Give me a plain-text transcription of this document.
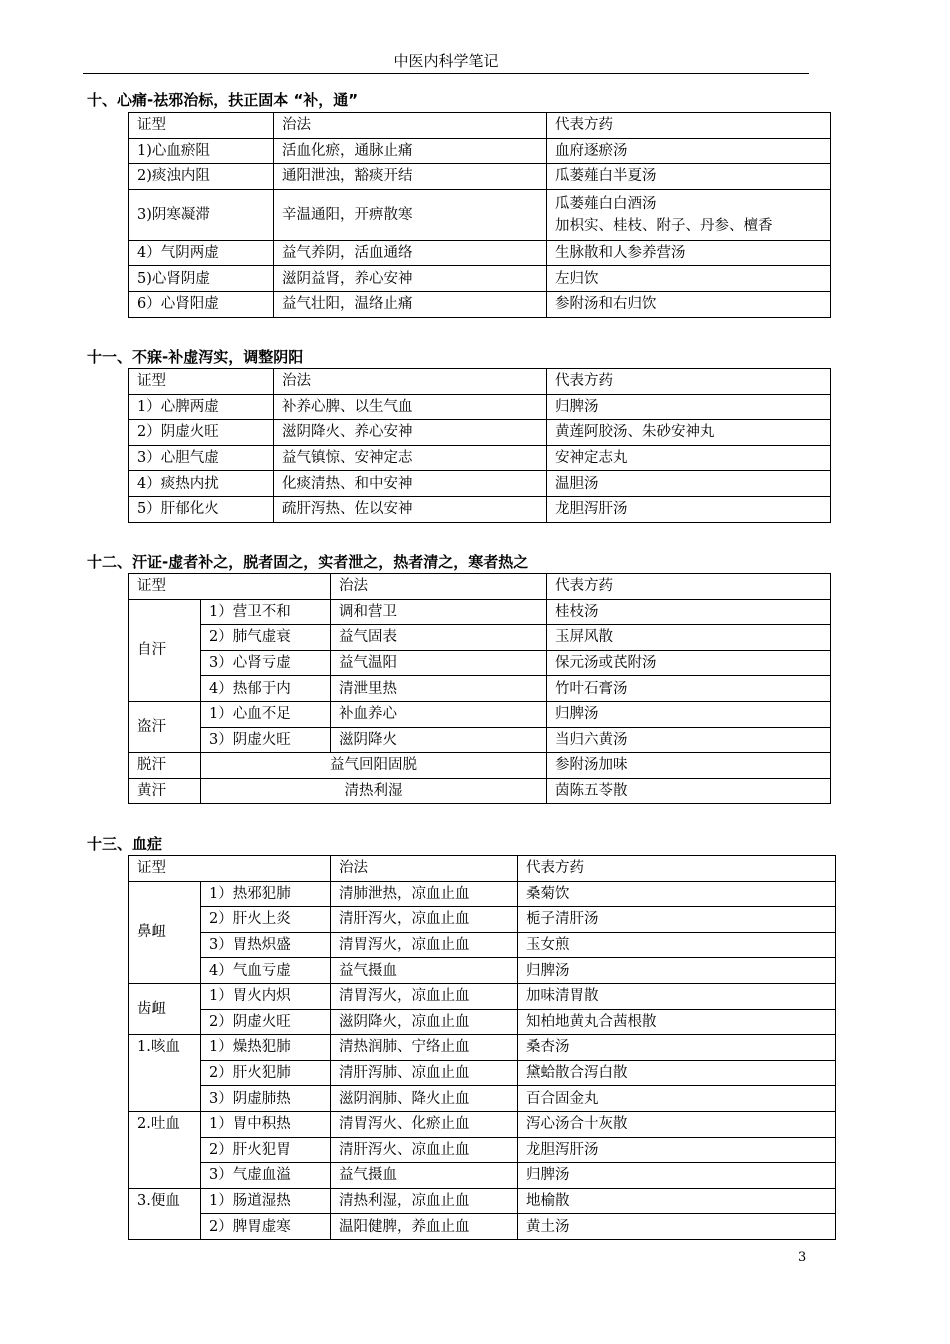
中医内科学笔记
十、心痛-祛邪治标，扶正固本 “补，通”
证型	治法	代表方药
1)心血瘀阻	活血化瘀，通脉止痛	血府逐瘀汤
2)痰浊内阻	通阳泄浊，豁痰开结	瓜蒌薤白半夏汤
3)阴寒凝滞	辛温通阳，开痹散寒	瓜蒌薤白白酒汤
加枳实、桂枝、附子、丹参、檀香

4）气阴两虚	益气养阴，活血通络	生脉散和人参养营汤
5)心肾阴虚	滋阴益肾，养心安神	左归饮
6）心肾阳虚	益气壮阳，温络止痛	参附汤和右归饮
十一、不寐-补虚泻实，调整阴阳
证型	治法	代表方药
1）心脾两虚	补养心脾、以生气血	归脾汤
2）阴虚火旺	滋阴降火、养心安神	黄莲阿胶汤、朱砂安神丸
3）心胆气虚	益气镇惊、安神定志	安神定志丸
4）痰热内扰	化痰清热、和中安神	温胆汤
5）肝郁化火	疏肝泻热、佐以安神	龙胆泻肝汤
十二、汗证-虚者补之，脱者固之，实者泄之，热者清之，寒者热之
证型		治法	代表方药
自汗	1）营卫不和	调和营卫	桂枝汤
	2）肺气虚衰	益气固表	玉屏风散
	3）心肾亏虚	益气温阳	保元汤或芪附汤
	4）热郁于内	清泄里热	竹叶石膏汤
盗汗	1）心血不足	补血养心	归脾汤
	3）阴虚火旺	滋阴降火	当归六黄汤
脱汗	益气回阳固脱		参附汤加味
黄汗	清热利湿		茵陈五苓散
十三、血症
证型		治法	代表方药
鼻衄	1）热邪犯肺	清肺泄热，凉血止血	桑菊饮
	2）肝火上炎	清肝泻火，凉血止血	栀子清肝汤
	3）胃热炽盛	清胃泻火，凉血止血	玉女煎
	4）气血亏虚	益气摄血	归脾汤
齿衄	1）胃火内炽	清胃泻火，凉血止血	加味清胃散
	2）阴虚火旺	滋阴降火，凉血止血	知柏地黄丸合茜根散
1.咳血	1）燥热犯肺	清热润肺、宁络止血	桑杏汤
	2）肝火犯肺	清肝泻肺、凉血止血	黛蛤散合泻白散
	3）阴虚肺热	滋阴润肺、降火止血	百合固金丸
2.吐血	1）胃中积热	清胃泻火、化瘀止血	泻心汤合十灰散
	2）肝火犯胃	清肝泻火、凉血止血	龙胆泻肝汤
	3）气虚血溢	益气摄血	归脾汤
3.便血	1）肠道湿热	清热利湿，凉血止血	地榆散
	2）脾胃虚寒	温阳健脾，养血止血	黄土汤
3
